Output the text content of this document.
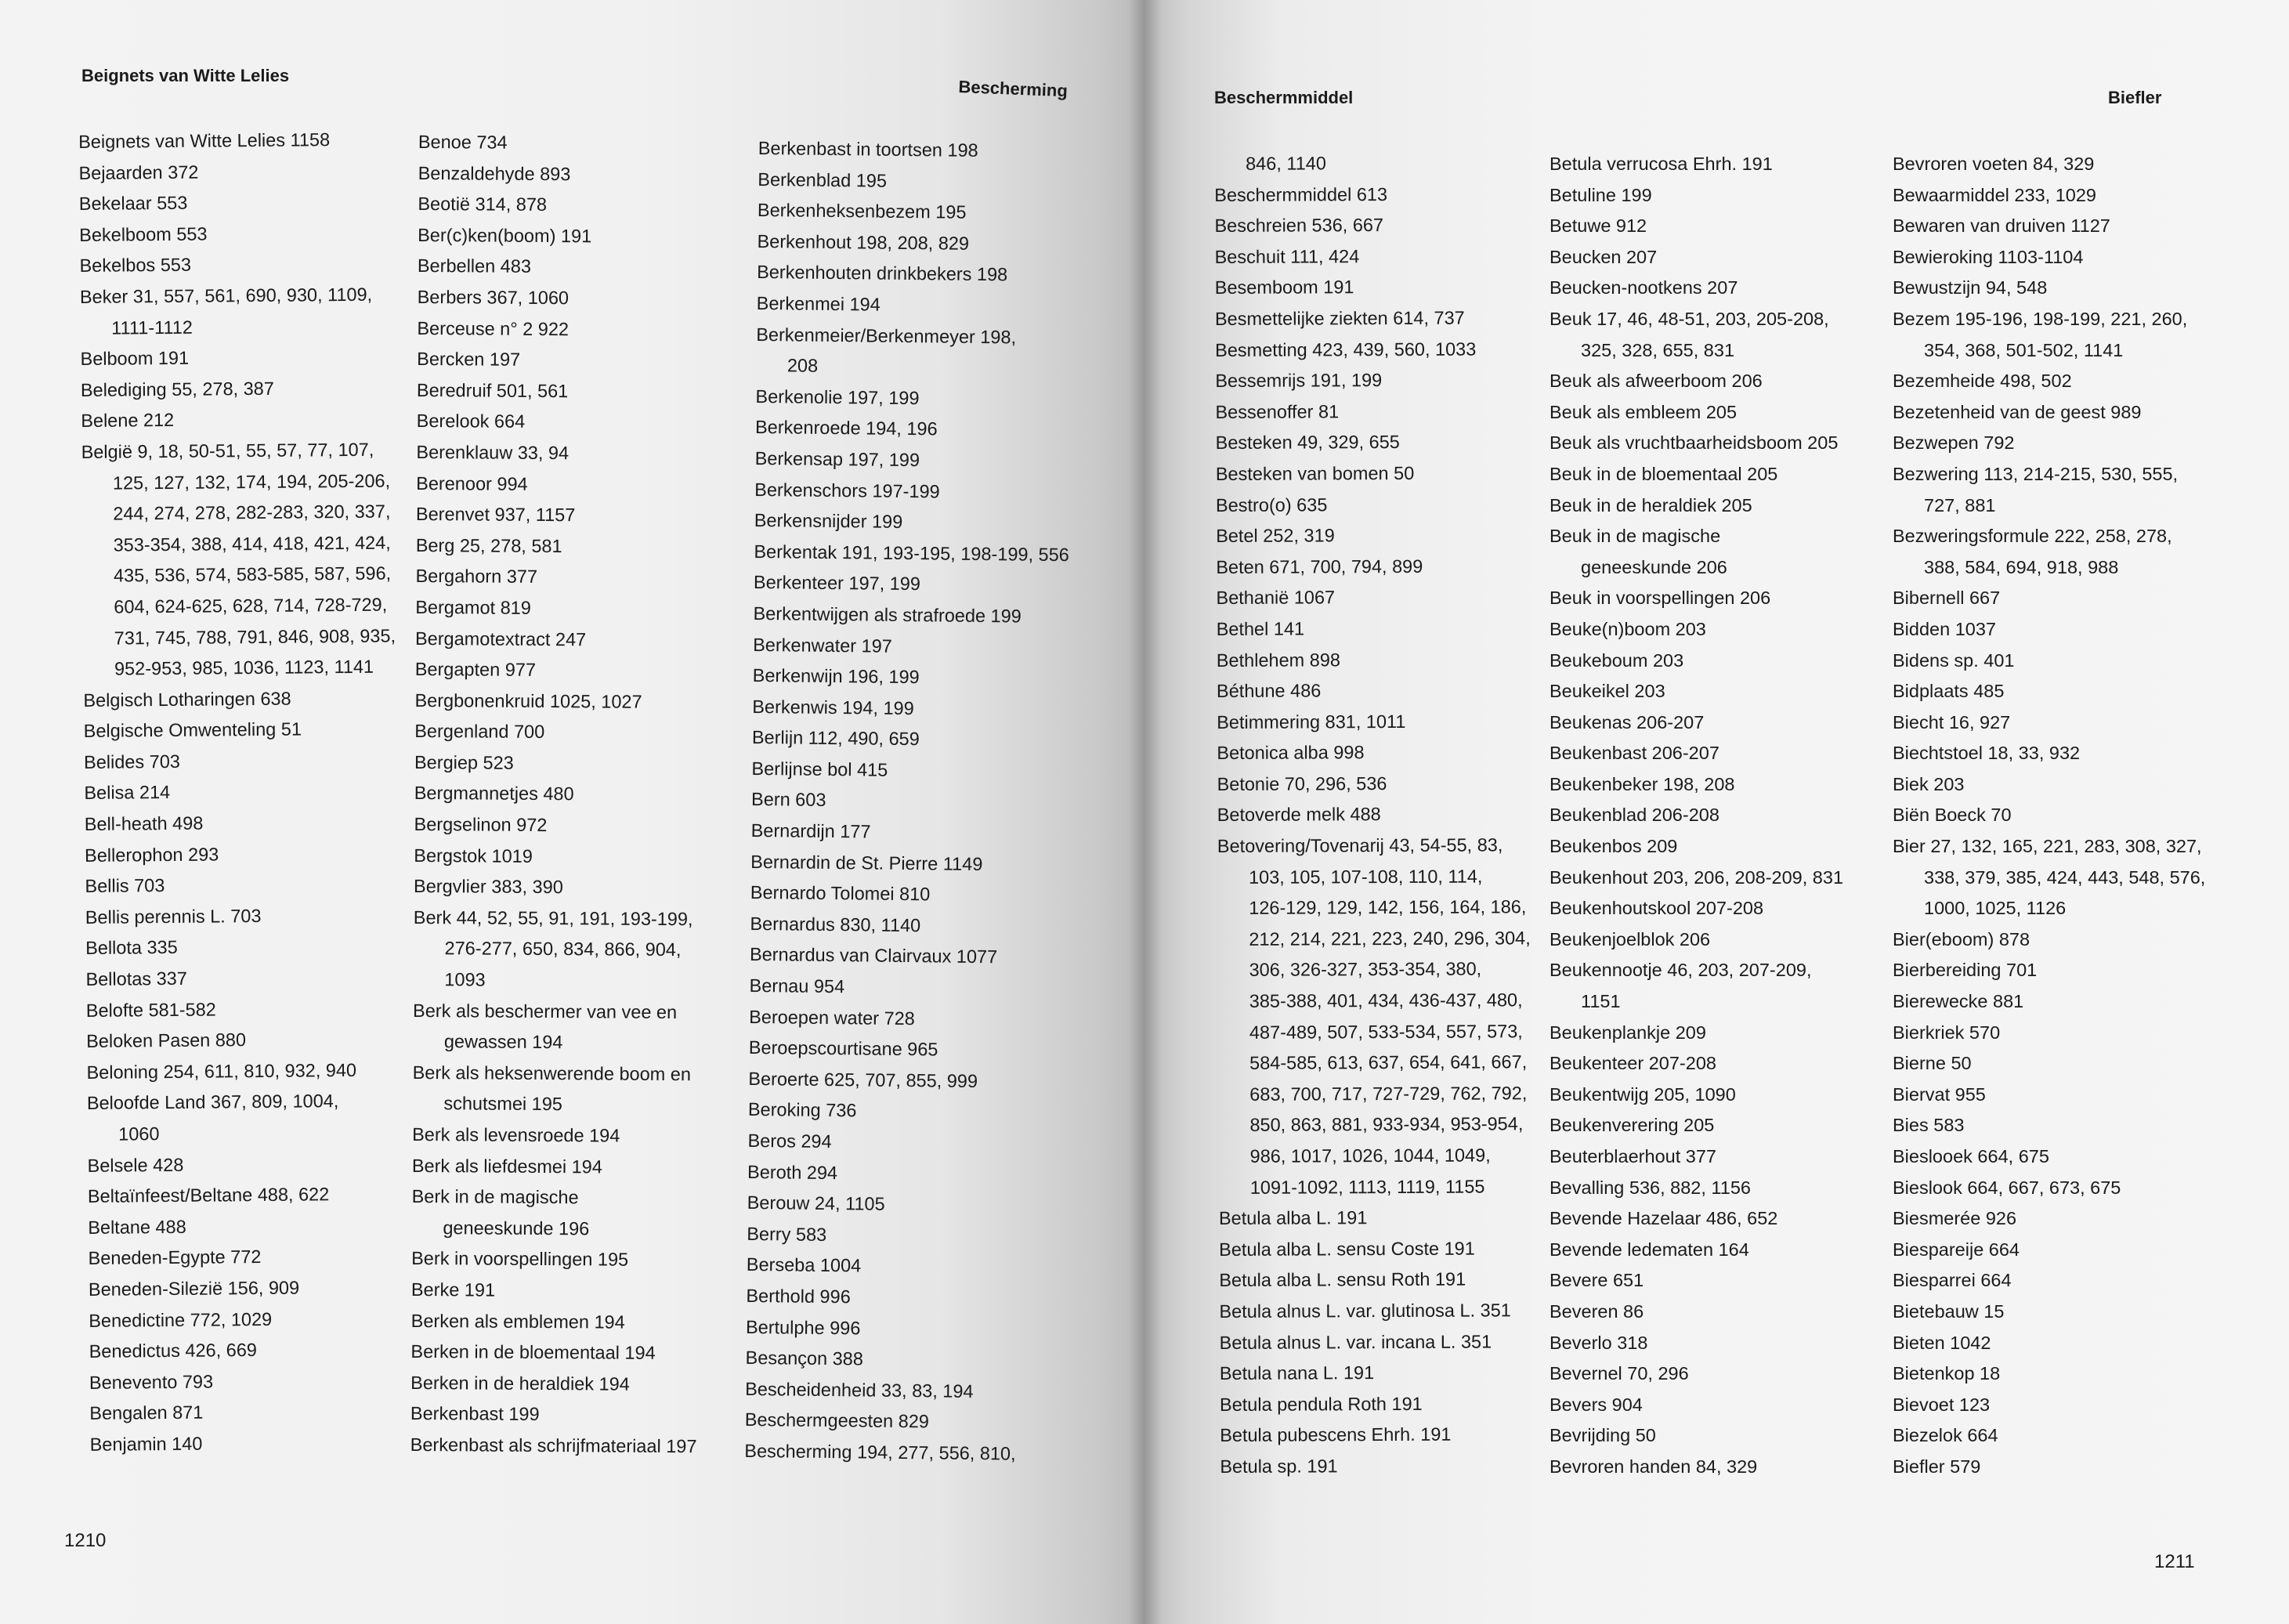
Beignets van Witte Lelies
Bescherming
Beignets van Witte Lelies 1158
Bejaarden 372
Bekelaar 553
Bekelboom 553
Bekelbos 553
Beker 31, 557, 561, 690, 930, 1109,
1111-1112
Belboom 191
Belediging 55, 278, 387
Belene 212
België 9, 18, 50-51, 55, 57, 77, 107,
125, 127, 132, 174, 194, 205-206,
244, 274, 278, 282-283, 320, 337,
353-354, 388, 414, 418, 421, 424,
435, 536, 574, 583-585, 587, 596,
604, 624-625, 628, 714, 728-729,
731, 745, 788, 791, 846, 908, 935,
952-953, 985, 1036, 1123, 1141
Belgisch Lotharingen 638
Belgische Omwenteling 51
Belides 703
Belisa 214
Bell-heath 498
Bellerophon 293
Bellis 703
Bellis perennis L. 703
Bellota 335
Bellotas 337
Belofte 581-582
Beloken Pasen 880
Beloning 254, 611, 810, 932, 940
Beloofde Land 367, 809, 1004,
1060
Belsele 428
Beltaïnfeest/Beltane 488, 622
Beltane 488
Beneden-Egypte 772
Beneden-Silezië 156, 909
Benedictine 772, 1029
Benedictus 426, 669
Benevento 793
Bengalen 871
Benjamin 140
Benoe 734
Benzaldehyde 893
Beotië 314, 878
Ber(c)ken(boom) 191
Berbellen 483
Berbers 367, 1060
Berceuse n° 2 922
Bercken 197
Beredruif 501, 561
Berelook 664
Berenklauw 33, 94
Berenoor 994
Berenvet 937, 1157
Berg 25, 278, 581
Bergahorn 377
Bergamot 819
Bergamotextract 247
Bergapten 977
Bergbonenkruid 1025, 1027
Bergenland 700
Bergiep 523
Bergmannetjes 480
Bergselinon 972
Bergstok 1019
Bergvlier 383, 390
Berk 44, 52, 55, 91, 191, 193-199,
276-277, 650, 834, 866, 904,
1093
Berk als beschermer van vee en
gewassen 194
Berk als heksenwerende boom en
schutsmei 195
Berk als levensroede 194
Berk als liefdesmei 194
Berk in de magische
geneeskunde 196
Berk in voorspellingen 195
Berke 191
Berken als emblemen 194
Berken in de bloementaal 194
Berken in de heraldiek 194
Berkenbast 199
Berkenbast als schrijfmateriaal 197
Berkenbast in toortsen 198
Berkenblad 195
Berkenheksenbezem 195
Berkenhout 198, 208, 829
Berkenhouten drinkbekers 198
Berkenmei 194
Berkenmeier/Berkenmeyer 198,
208
Berkenolie 197, 199
Berkenroede 194, 196
Berkensap 197, 199
Berkenschors 197-199
Berkensnijder 199
Berkentak 191, 193-195, 198-199, 556
Berkenteer 197, 199
Berkentwijgen als strafroede 199
Berkenwater 197
Berkenwijn 196, 199
Berkenwis 194, 199
Berlijn 112, 490, 659
Berlijnse bol 415
Bern 603
Bernardijn 177
Bernardin de St. Pierre 1149
Bernardo Tolomei 810
Bernardus 830, 1140
Bernardus van Clairvaux 1077
Bernau 954
Beroepen water 728
Beroepscourtisane 965
Beroerte 625, 707, 855, 999
Beroking 736
Beros 294
Beroth 294
Berouw 24, 1105
Berry 583
Berseba 1004
Berthold 996
Bertulphe 996
Besançon 388
Bescheidenheid 33, 83, 194
Beschermgeesten 829
Bescherming 194, 277, 556, 810,
1210
Beschermmiddel	Biefler
846, 1140
Beschermmiddel 613
Beschreien 536, 667
Beschuit 111, 424
Besemboom 191
Besmettelijke ziekten 614, 737
Besmetting 423, 439, 560, 1033
Bessemrijs 191, 199
Bessenoffer 81
Besteken 49, 329, 655
Besteken van bomen 50
Bestro(o) 635
Betel 252, 319
Beten 671, 700, 794, 899
Bethanië 1067
Bethel 141
Bethlehem 898
Béthune 486
Betimmering 831, 1011
Betonica alba 998
Betonie 70, 296, 536
Betoverde melk 488
Betovering/Tovenarij 43, 54-55, 83,
103, 105, 107-108, 110, 114,
126-129, 129, 142, 156, 164, 186,
212, 214, 221, 223, 240, 296, 304,
306, 326-327, 353-354, 380,
385-388, 401, 434, 436-437, 480,
487-489, 507, 533-534, 557, 573,
584-585, 613, 637, 654, 641, 667,
683, 700, 717, 727-729, 762, 792,
850, 863, 881, 933-934, 953-954,
986, 1017, 1026, 1044, 1049,
1091-1092, 1113, 1119, 1155
Betula alba L. 191
Betula alba L. sensu Coste 191
Betula alba L. sensu Roth 191
Betula alnus L. var. glutinosa L. 351
Betula alnus L. var. incana L. 351
Betula nana L. 191
Betula pendula Roth 191
Betula pubescens Ehrh. 191
Betula sp. 191
Betula verrucosa Ehrh. 191
Betuline 199
Betuwe 912
Beucken 207
Beucken-nootkens 207
Beuk 17, 46, 48-51, 203, 205-208,
325, 328, 655, 831
Beuk als afweerboom 206
Beuk als embleem 205
Beuk als vruchtbaarheidsboom 205
Beuk in de bloementaal 205
Beuk in de heraldiek 205
Beuk in de magische
geneeskunde 206
Beuk in voorspellingen 206
Beuke(n)boom 203
Beukeboum 203
Beukeikel 203
Beukenas 206-207
Beukenbast 206-207
Beukenbeker 198, 208
Beukenblad 206-208
Beukenbos 209
Beukenhout 203, 206, 208-209, 831
Beukenhoutskool 207-208
Beukenjoelblok 206
Beukennootje 46, 203, 207-209,
1151
Beukenplankje 209
Beukenteer 207-208
Beukentwijg 205, 1090
Beukenverering 205
Beuterblaerhout 377
Bevalling 536, 882, 1156
Bevende Hazelaar 486, 652
Bevende ledematen 164
Bevere 651
Beveren 86
Beverlo 318
Bevernel 70, 296
Bevers 904
Bevrijding 50
Bevroren handen 84, 329
Bevroren voeten 84, 329
Bewaarmiddel 233, 1029
Bewaren van druiven 1127
Bewieroking 1103-1104
Bewustzijn 94, 548
Bezem 195-196, 198-199, 221, 260,
354, 368, 501-502, 1141
Bezemheide 498, 502
Bezetenheid van de geest 989
Bezwepen 792
Bezwering 113, 214-215, 530, 555,
727, 881
Bezweringsformule 222, 258, 278,
388, 584, 694, 918, 988
Bibernell 667
Bidden 1037
Bidens sp. 401
Bidplaats 485
Biecht 16, 927
Biechtstoel 18, 33, 932
Biek 203
Biën Boeck 70
Bier 27, 132, 165, 221, 283, 308, 327,
338, 379, 385, 424, 443, 548, 576,
1000, 1025, 1126
Bier(eboom) 878
Bierbereiding 701
Bierewecke 881
Bierkriek 570
Bierne 50
Biervat 955
Bies 583
Bieslooek 664, 675
Bieslook 664, 667, 673, 675
Biesmerée 926
Biespareije 664
Biesparrei 664
Bietebauw 15
Bieten 1042
Bietenkop 18
Bievoet 123
Biezelok 664
Biefler 579
1211
